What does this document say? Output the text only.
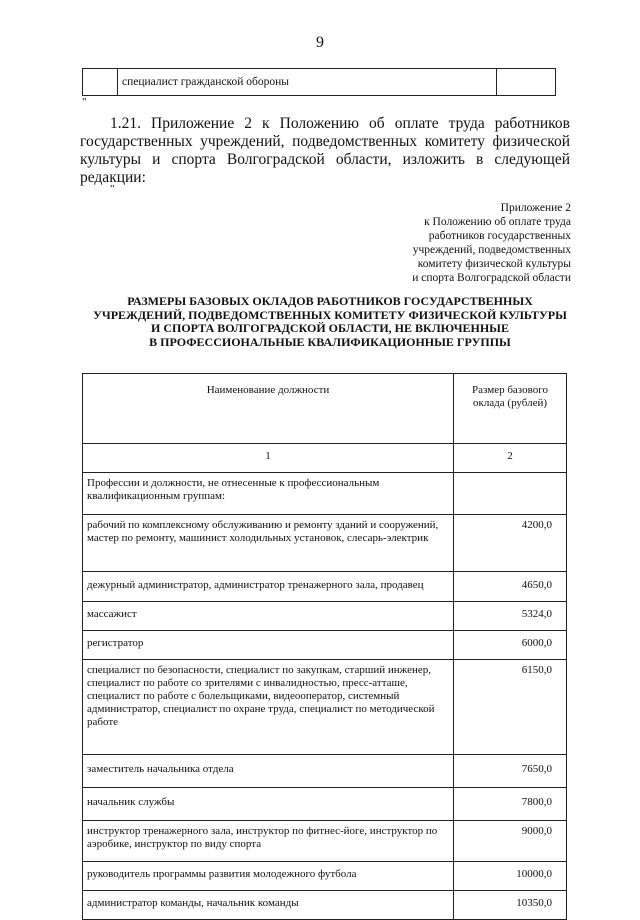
9
	специалист гражданской обороны	
"
1.21. Приложение 2 к Положению об оплате труда работников государственных учреждений, подведомственных комитету физической культуры и спорта Волгоградской области, изложить в следующей редакции:
"
Приложение 2
к Положению об оплате труда
работников государственных
учреждений, подведомственных
комитету физической культуры
и спорта Волгоградской области
РАЗМЕРЫ БАЗОВЫХ ОКЛАДОВ РАБОТНИКОВ ГОСУДАРСТВЕННЫХ
УЧРЕЖДЕНИЙ, ПОДВЕДОМСТВЕННЫХ КОМИТЕТУ ФИЗИЧЕСКОЙ КУЛЬТУРЫ
И СПОРТА ВОЛГОГРАДСКОЙ ОБЛАСТИ, НЕ ВКЛЮЧЕННЫЕ
В ПРОФЕССИОНАЛЬНЫЕ КВАЛИФИКАЦИОННЫЕ ГРУППЫ
Наименование должности	Размер базового оклада (рублей)
1	2
Профессии и должности, не отнесенные к профессиональным квалификационным группам:	
рабочий по комплексному обслуживанию и ремонту зданий и сооружений, мастер по ремонту, машинист холодильных установок, слесарь-электрик	4200,0
дежурный администратор, администратор тренажерного зала, продавец	4650,0
массажист	5324,0
регистратор	6000,0
специалист по безопасности, специалист по закупкам, старший инженер, специалист по работе со зрителями с инвалидностью, пресс-атташе, специалист по работе с болельщиками, видеооператор, системный администратор, специалист по охране труда, специалист по методической работе	6150,0
заместитель начальника отдела	7650,0
начальник службы	7800,0
инструктор тренажерного зала, инструктор по фитнес-йоге, инструктор по аэробике, инструктор по виду спорта	9000,0
руководитель программы развития молодежного футбола	10000,0
администратор команды, начальник команды	10350,0
